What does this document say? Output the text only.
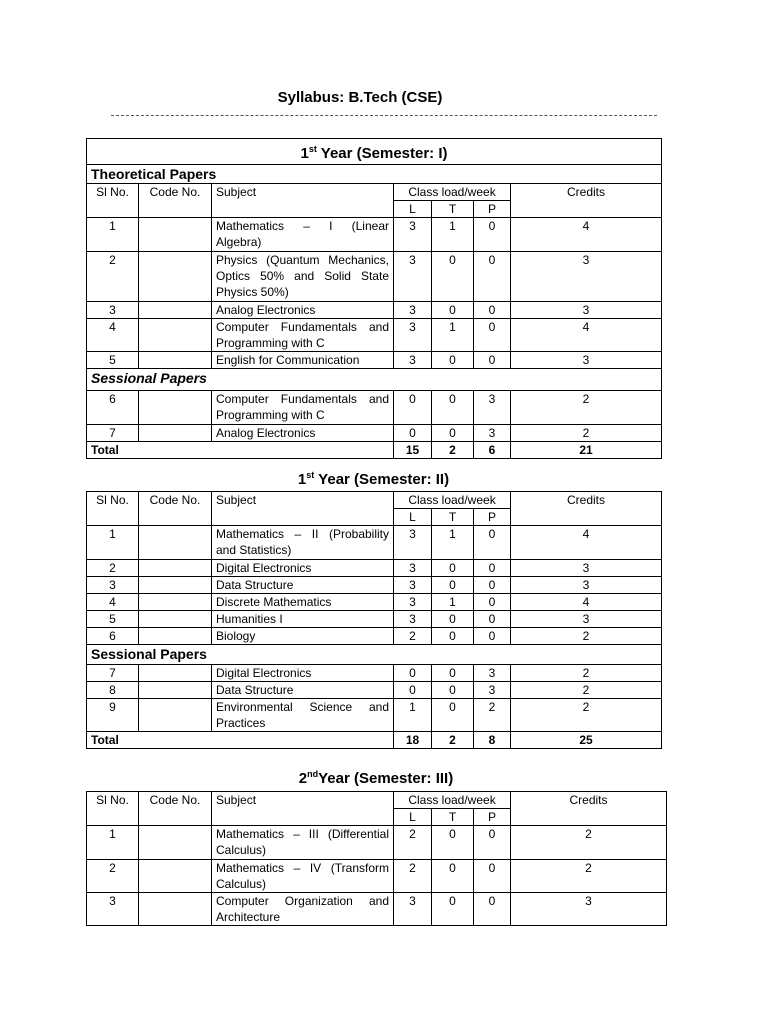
Syllabus: B.Tech (CSE)
1st Year (Semester: I)						
Theoretical Papers						
Sl No.	Code No.	Subject	Class load/week			Credits
			L	T	P	
1		Mathematics – I (Linear Algebra)	3	1	0	4
2		Physics (Quantum Mechanics, Optics 50% and Solid State Physics 50%)	3	0	0	3
3		Analog Electronics	3	0	0	3
4		Computer Fundamentals and Programming with C	3	1	0	4
5		English for Communication	3	0	0	3
Sessional Papers						
6		Computer Fundamentals and Programming with C	0	0	3	2
7		Analog Electronics	0	0	3	2
Total			15	2	6	21
1st Year (Semester: II)
Sl No.	Code No.	Subject	Class load/week			Credits
			L	T	P	
1		Mathematics – II (Probability and Statistics)	3	1	0	4
2		Digital Electronics	3	0	0	3
3		Data Structure	3	0	0	3
4		Discrete Mathematics	3	1	0	4
5		Humanities I	3	0	0	3
6		Biology	2	0	0	2
Sessional Papers						
7		Digital Electronics	0	0	3	2
8		Data Structure	0	0	3	2
9		Environmental Science and Practices	1	0	2	2
Total			18	2	8	25
2ndYear (Semester: III)
Sl No.	Code No.	Subject	Class load/week			Credits
			L	T	P	
1		Mathematics – III (Differential Calculus)	2	0	0	2
2		Mathematics – IV (Transform Calculus)	2	0	0	2
3		Computer Organization and Architecture	3	0	0	3
